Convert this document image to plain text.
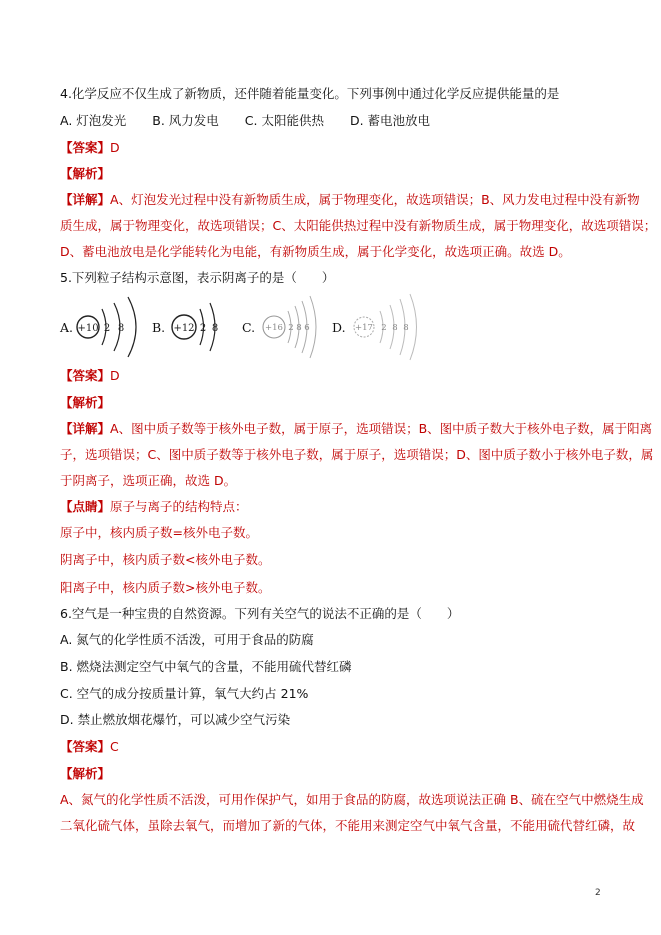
4.化学反应不仅生成了新物质，还伴随着能量变化。下列事例中通过化学反应提供能量的是
A. 灯泡发光 B. 风力发电 C. 太阳能供热 D. 蓄电池放电
【答案】D
【解析】
【详解】A、灯泡发光过程中没有新物质生成，属于物理变化，故选项错误；B、风力发电过程中没有新物
质生成，属于物理变化，故选项错误；C、太阳能供热过程中没有新物质生成，属于物理变化，故选项错误；
D、蓄电池放电是化学能转化为电能，有新物质生成，属于化学变化，故选项正确。故选 D。
5.下列粒子结构示意图，表示阴离子的是（　　）
A. +10 2 8 B. +12 2 8 C. +16 2 8 6 D. +17 2 8 8
【答案】D
【解析】
【详解】A、图中质子数等于核外电子数，属于原子，选项错误；B、图中质子数大于核外电子数，属于阳离
子，选项错误；C、图中质子数等于核外电子数，属于原子，选项错误；D、图中质子数小于核外电子数，属
于阴离子，选项正确，故选 D。
【点睛】原子与离子的结构特点：
原子中，核内质子数=核外电子数。
阴离子中，核内质子数<核外电子数。
阳离子中，核内质子数>核外电子数。
6.空气是一种宝贵的自然资源。下列有关空气的说法不正确的是（　　）
A. 氮气的化学性质不活泼，可用于食品的防腐
B. 燃烧法测定空气中氧气的含量，不能用硫代替红磷
C. 空气的成分按质量计算，氧气大约占 21%
D. 禁止燃放烟花爆竹，可以减少空气污染
【答案】C
【解析】
A、氮气的化学性质不活泼，可用作保护气，如用于食品的防腐，故选项说法正确 B、硫在空气中燃烧生成
二氧化硫气体，虽除去氧气，而增加了新的气体，不能用来测定空气中氧气含量，不能用硫代替红磷，故
2
